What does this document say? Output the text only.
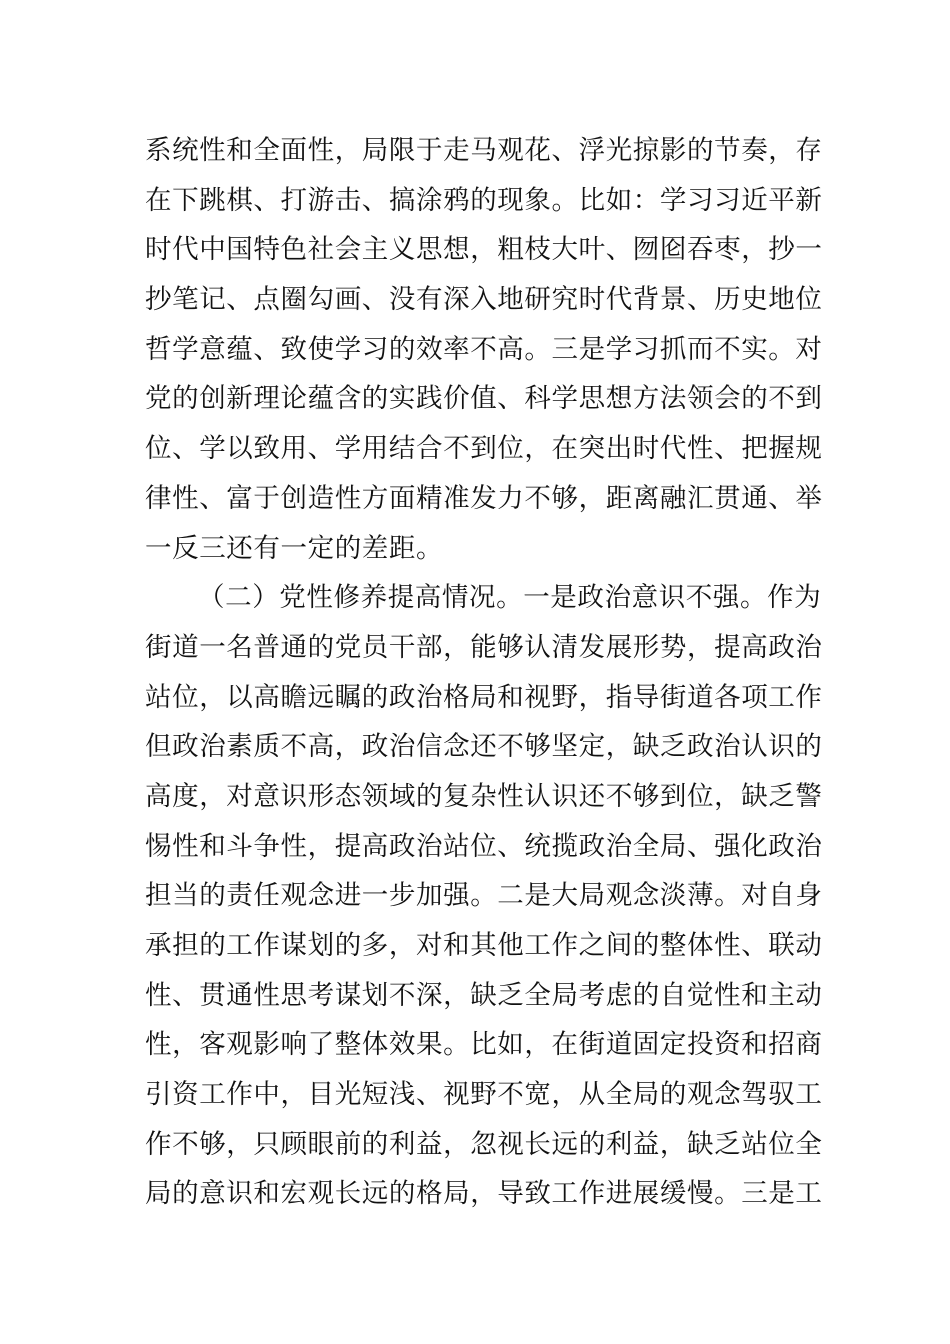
系统性和全面性，局限于走马观花、浮光掠影的节奏，存
在下跳棋、打游击、搞涂鸦的现象。比如：学习习近平新
时代中国特色社会主义思想，粗枝大叶、囫囵吞枣，抄一
抄笔记、点圈勾画、没有深入地研究时代背景、历史地位
哲学意蕴、致使学习的效率不高。三是学习抓而不实。对
党的创新理论蕴含的实践价值、科学思想方法领会的不到
位、学以致用、学用结合不到位，在突出时代性、把握规
律性、富于创造性方面精准发力不够，距离融汇贯通、举
一反三还有一定的差距。
（二）党性修养提高情况。一是政治意识不强。作为
街道一名普通的党员干部，能够认清发展形势，提高政治
站位，以高瞻远瞩的政治格局和视野，指导街道各项工作
但政治素质不高，政治信念还不够坚定，缺乏政治认识的
高度，对意识形态领域的复杂性认识还不够到位，缺乏警
惕性和斗争性，提高政治站位、统揽政治全局、强化政治
担当的责任观念进一步加强。二是大局观念淡薄。对自身
承担的工作谋划的多，对和其他工作之间的整体性、联动
性、贯通性思考谋划不深，缺乏全局考虑的自觉性和主动
性，客观影响了整体效果。比如，在街道固定投资和招商
引资工作中，目光短浅、视野不宽，从全局的观念驾驭工
作不够，只顾眼前的利益，忽视长远的利益，缺乏站位全
局的意识和宏观长远的格局，导致工作进展缓慢。三是工
